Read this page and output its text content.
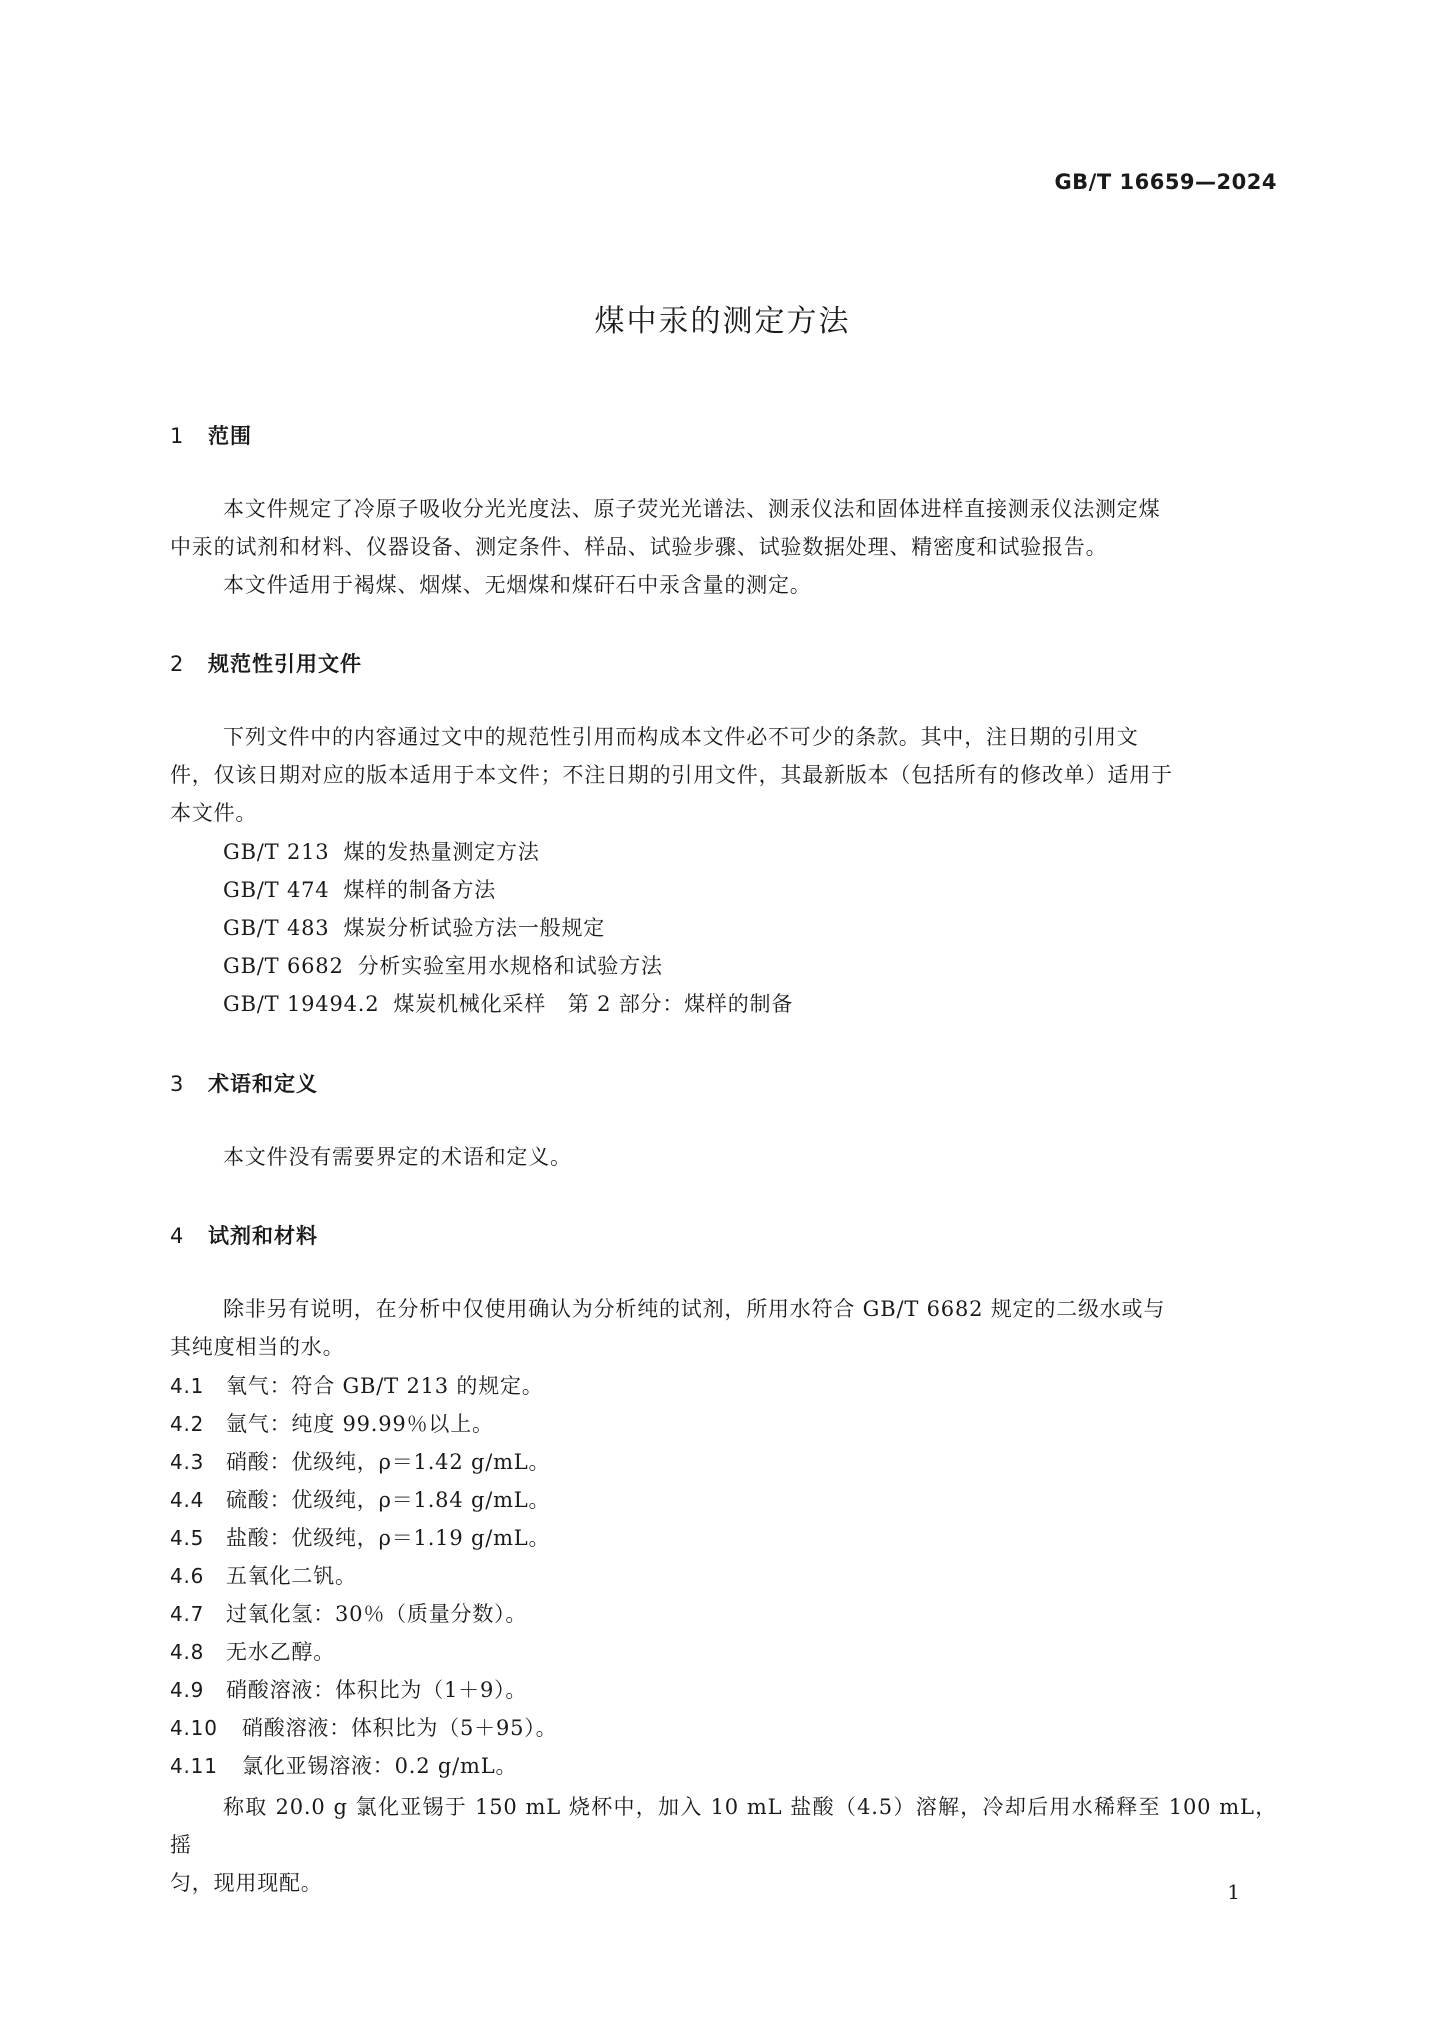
GB/T 16659—2024
煤中汞的测定方法
1 范围
本文件规定了冷原子吸收分光光度法、原子荧光光谱法、测汞仪法和固体进样直接测汞仪法测定煤
中汞的试剂和材料、仪器设备、测定条件、样品、试验步骤、试验数据处理、精密度和试验报告。
本文件适用于褐煤、烟煤、无烟煤和煤矸石中汞含量的测定。
2 规范性引用文件
下列文件中的内容通过文中的规范性引用而构成本文件必不可少的条款。其中，注日期的引用文
件，仅该日期对应的版本适用于本文件；不注日期的引用文件，其最新版本（包括所有的修改单）适用于
本文件。
GB/T 213 煤的发热量测定方法
GB/T 474 煤样的制备方法
GB/T 483 煤炭分析试验方法一般规定
GB/T 6682 分析实验室用水规格和试验方法
GB/T 19494.2 煤炭机械化采样　第 2 部分：煤样的制备
3 术语和定义
本文件没有需要界定的术语和定义。
4 试剂和材料
除非另有说明，在分析中仅使用确认为分析纯的试剂，所用水符合 GB/T 6682 规定的二级水或与
其纯度相当的水。
4.1 氧气：符合 GB/T 213 的规定。
4.2 氩气：纯度 99.99％以上。
4.3 硝酸：优级纯，ρ＝1.42 g/mL。
4.4 硫酸：优级纯，ρ＝1.84 g/mL。
4.5 盐酸：优级纯，ρ＝1.19 g/mL。
4.6 五氧化二钒。
4.7 过氧化氢：30％（质量分数）。
4.8 无水乙醇。
4.9 硝酸溶液：体积比为（1＋9）。
4.10 硝酸溶液：体积比为（5＋95）。
4.11 氯化亚锡溶液：0.2 g/mL。
称取 20.0 g 氯化亚锡于 150 mL 烧杯中，加入 10 mL 盐酸（4.5）溶解，冷却后用水稀释至 100 mL，摇
匀，现用现配。	1
